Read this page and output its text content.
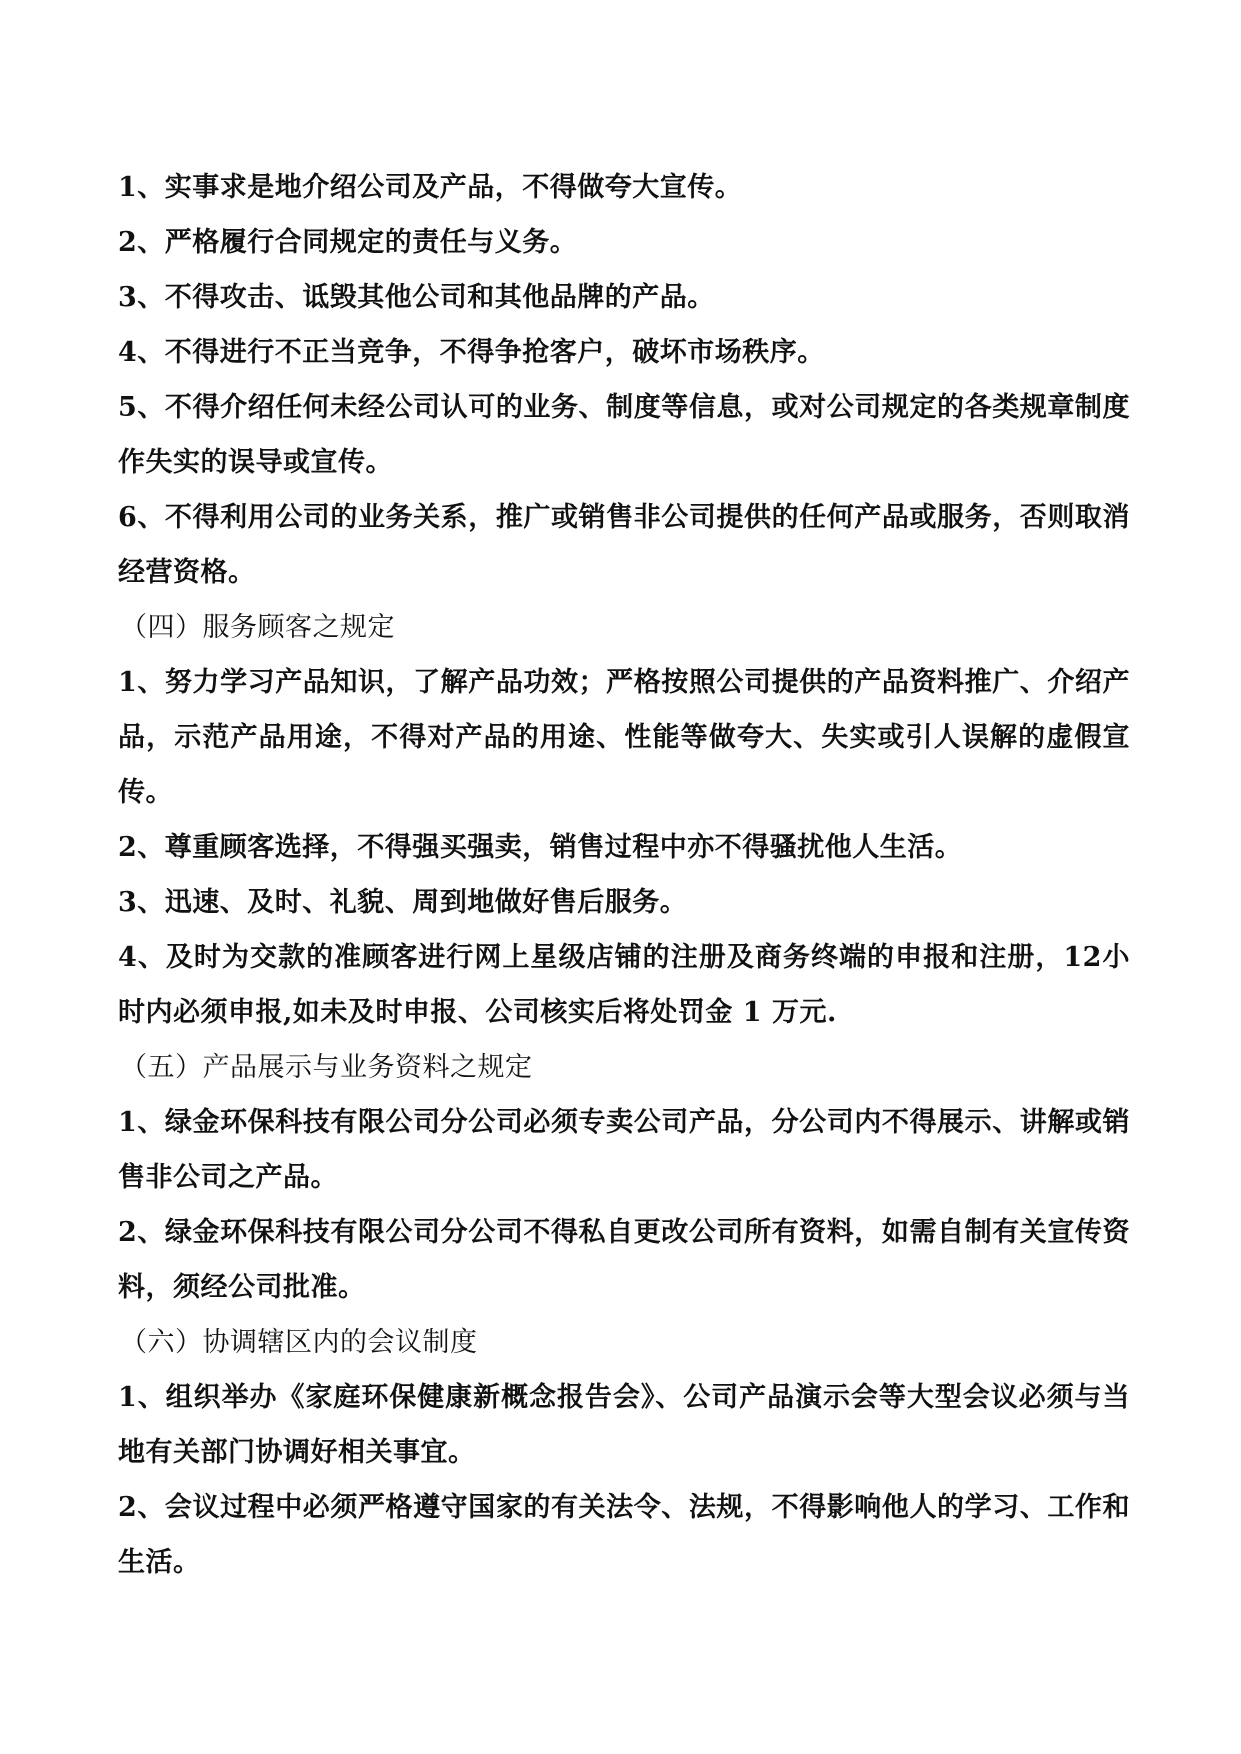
1、实事求是地介绍公司及产品，不得做夸大宣传。

2、严格履行合同规定的责任与义务。

3、不得攻击、诋毁其他公司和其他品牌的产品。

4、不得进行不正当竞争，不得争抢客户，破坏市场秩序。

5、不得介绍任何未经公司认可的业务、制度等信息，或对公司规定的各类规章制度作失实的误导或宣传。

6、不得利用公司的业务关系，推广或销售非公司提供的任何产品或服务，否则取消经营资格。

（四）服务顾客之规定

1、努力学习产品知识，了解产品功效；严格按照公司提供的产品资料推广、介绍产品，示范产品用途，不得对产品的用途、性能等做夸大、失实或引人误解的虚假宣传。

2、尊重顾客选择，不得强买强卖，销售过程中亦不得骚扰他人生活。

3、迅速、及时、礼貌、周到地做好售后服务。

4、及时为交款的准顾客进行网上星级店铺的注册及商务终端的申报和注册，12小时内必须申报,如未及时申报、公司核实后将处罚金 1 万元.

（五）产品展示与业务资料之规定

1、绿金环保科技有限公司分公司必须专卖公司产品，分公司内不得展示、讲解或销售非公司之产品。

2、绿金环保科技有限公司分公司不得私自更改公司所有资料，如需自制有关宣传资料，须经公司批准。

（六）协调辖区内的会议制度

1、组织举办《家庭环保健康新概念报告会》、公司产品演示会等大型会议必须与当地有关部门协调好相关事宜。

2、会议过程中必须严格遵守国家的有关法令、法规，不得影响他人的学习、工作和生活。
